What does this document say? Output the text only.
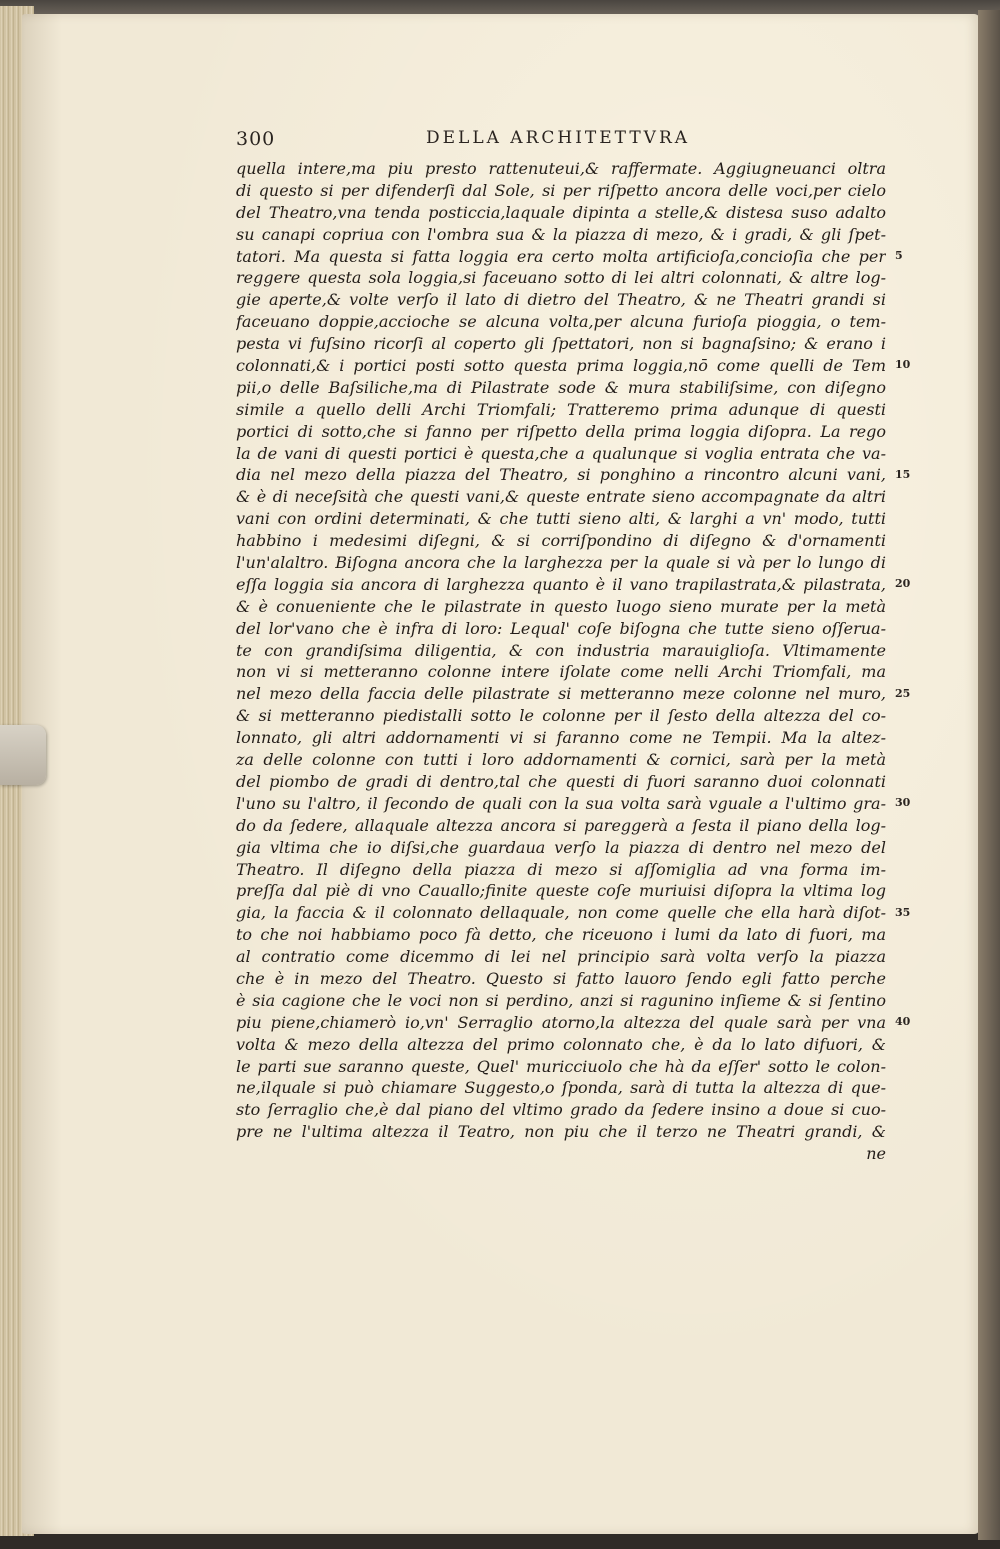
300	DELLA ARCHITETTVRA
quella intere,ma piu presto rattenuteui,& raffermate. Aggiugneuanci oltra
di questo si per difenderſi dal Sole, si per riſpetto ancora delle voci,per cielo
del Theatro,vna tenda posticcia,laquale dipinta a stelle,& distesa suso adalto
su canapi copriua con l'ombra sua & la piazza di mezo, & i gradi, & gli ſpet-
tatori. Ma questa si fatta loggia era certo molta artificioſa,concioſia che per
reggere questa sola loggia,si faceuano sotto di lei altri colonnati, & altre log-
gie aperte,& volte verſo il lato di dietro del Theatro, & ne Theatri grandi si
faceuano doppie,accioche se alcuna volta,per alcuna furioſa pioggia, o tem-
pesta vi fuſsino ricorſi al coperto gli ſpettatori, non si bagnaſsino; & erano i
colonnati,& i portici posti sotto questa prima loggia,nō come quelli de Tem
pii,o delle Baſsiliche,ma di Pilastrate sode & mura stabiliſsime, con diſegno
simile a quello delli Archi Triomfali; Tratteremo prima adunque di questi
portici di sotto,che si fanno per riſpetto della prima loggia diſopra. La rego
la de vani di questi portici è questa,che a qualunque si voglia entrata che va-
dia nel mezo della piazza del Theatro, si ponghino a rincontro alcuni vani,
& è di neceſsità che questi vani,& queste entrate sieno accompagnate da altri
vani con ordini determinati, & che tutti sieno alti, & larghi a vn' modo, tutti
habbino i medesimi diſegni, & si corriſpondino di diſegno & d'ornamenti
l'un'alaltro. Biſogna ancora che la larghezza per la quale si và per lo lungo di
eſſa loggia sia ancora di larghezza quanto è il vano trapilastrata,& pilastrata,
& è conueniente che le pilastrate in questo luogo sieno murate per la metà
del lor'vano che è infra di loro: Lequal' coſe biſogna che tutte sieno oſſerua-
te con grandiſsima diligentia, & con industria marauiglioſa. Vltimamente
non vi si metteranno colonne intere iſolate come nelli Archi Triomfali, ma
nel mezo della faccia delle pilastrate si metteranno meze colonne nel muro,
& si metteranno piedistalli sotto le colonne per il ſesto della altezza del co-
lonnato, gli altri addornamenti vi si faranno come ne Tempii. Ma la altez-
za delle colonne con tutti i loro addornamenti & cornici, sarà per la metà
del piombo de gradi di dentro,tal che questi di fuori saranno duoi colonnati
l'uno su l'altro, il ſecondo de quali con la sua volta sarà vguale a l'ultimo gra-
do da ſedere, allaquale altezza ancora si pareggerà a ſesta il piano della log-
gia vltima che io diſsi,che guardaua verſo la piazza di dentro nel mezo del
Theatro. Il diſegno della piazza di mezo si aſſomiglia ad vna forma im-
preſſa dal piè di vno Cauallo;finite queste coſe muriuisi diſopra la vltima log
gia, la faccia & il colonnato dellaquale, non come quelle che ella harà diſot-
to che noi habbiamo poco fà detto, che riceuono i lumi da lato di fuori, ma
al contratio come dicemmo di lei nel principio sarà volta verſo la piazza
che è in mezo del Theatro. Questo si fatto lauoro ſendo egli fatto perche
è sia cagione che le voci non si perdino, anzi si ragunino inſieme & si ſentino
piu piene,chiamerò io,vn' Serraglio atorno,la altezza del quale sarà per vna
volta & mezo della altezza del primo colonnato che, è da lo lato difuori, &
le parti sue saranno queste, Quel' muricciuolo che hà da eſſer' sotto le colon-
ne,ilquale si può chiamare Suggesto,o ſponda, sarà di tutta la altezza di que-
sto ſerraglio che,è dal piano del vltimo grado da ſedere insino a doue si cuo-
pre ne l'ultima altezza il Teatro, non piu che il terzo ne Theatri grandi, &
ne
5
10
15
20
25
30
35
40
